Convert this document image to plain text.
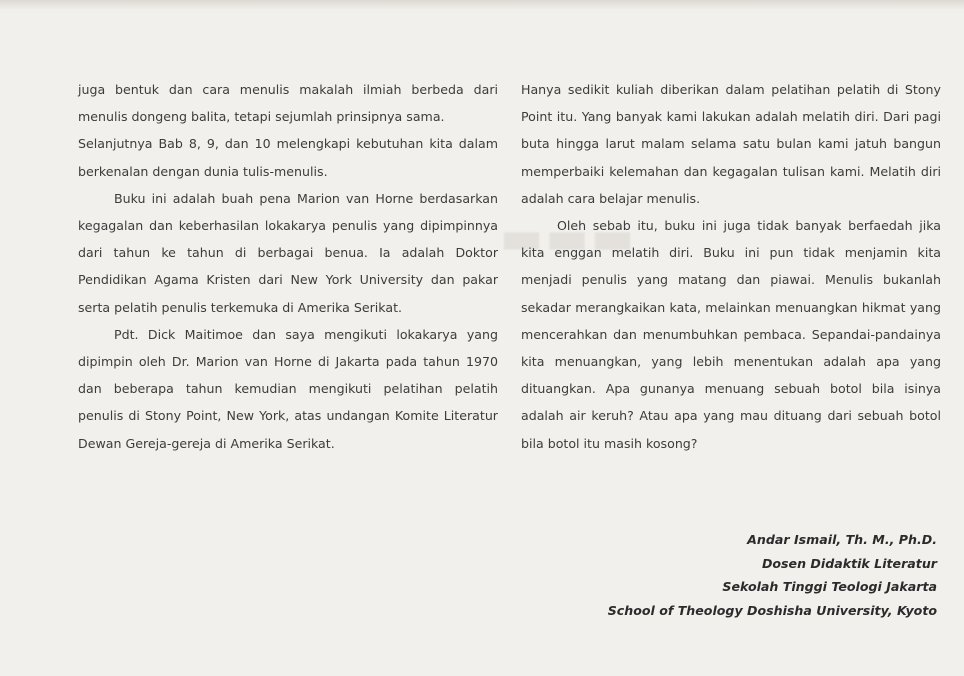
▬▬▬

juga bentuk dan cara menulis makalah ilmiah berbeda dari menulis dongeng balita, tetapi sejumlah prinsipnya sama.

Selanjutnya Bab 8, 9, dan 10 melengkapi kebutuhan kita dalam berkenalan dengan dunia tulis-menulis.

Buku ini adalah buah pena Marion van Horne berdasarkan kegagalan dan keberhasilan lokakarya penulis yang dipimpinnya dari tahun ke tahun di berbagai benua. Ia adalah Doktor Pendidikan Agama Kristen dari New York University dan pakar serta pelatih penulis terkemuka di Amerika Serikat.

Pdt. Dick Maitimoe dan saya mengikuti lokakarya yang dipimpin oleh Dr. Marion van Horne di Jakarta pada tahun 1970 dan beberapa tahun kemudian mengikuti pelatihan pelatih penulis di Stony Point, New York, atas undangan Komite Literatur Dewan Gereja-gereja di Amerika Serikat.

Hanya sedikit kuliah diberikan dalam pelatihan pelatih di Stony Point itu. Yang banyak kami lakukan adalah melatih diri. Dari pagi buta hingga larut malam selama satu bulan kami jatuh bangun memperbaiki kelemahan dan kegagalan tulisan kami. Melatih diri adalah cara belajar menulis.

Oleh sebab itu, buku ini juga tidak banyak berfaedah jika kita enggan melatih diri. Buku ini pun tidak menjamin kita menjadi penulis yang matang dan piawai. Menulis bukanlah sekadar merangkaikan kata, melainkan menuangkan hikmat yang mencerahkan dan menumbuhkan pembaca. Sepandai-pandainya kita menuangkan, yang lebih menentukan adalah apa yang dituangkan. Apa gunanya menuang sebuah botol bila isinya adalah air keruh? Atau apa yang mau dituang dari sebuah botol bila botol itu masih kosong?

Andar Ismail, Th. M., Ph.D.
Dosen Didaktik Literatur
Sekolah Tinggi Teologi Jakarta
School of Theology Doshisha University, Kyoto
